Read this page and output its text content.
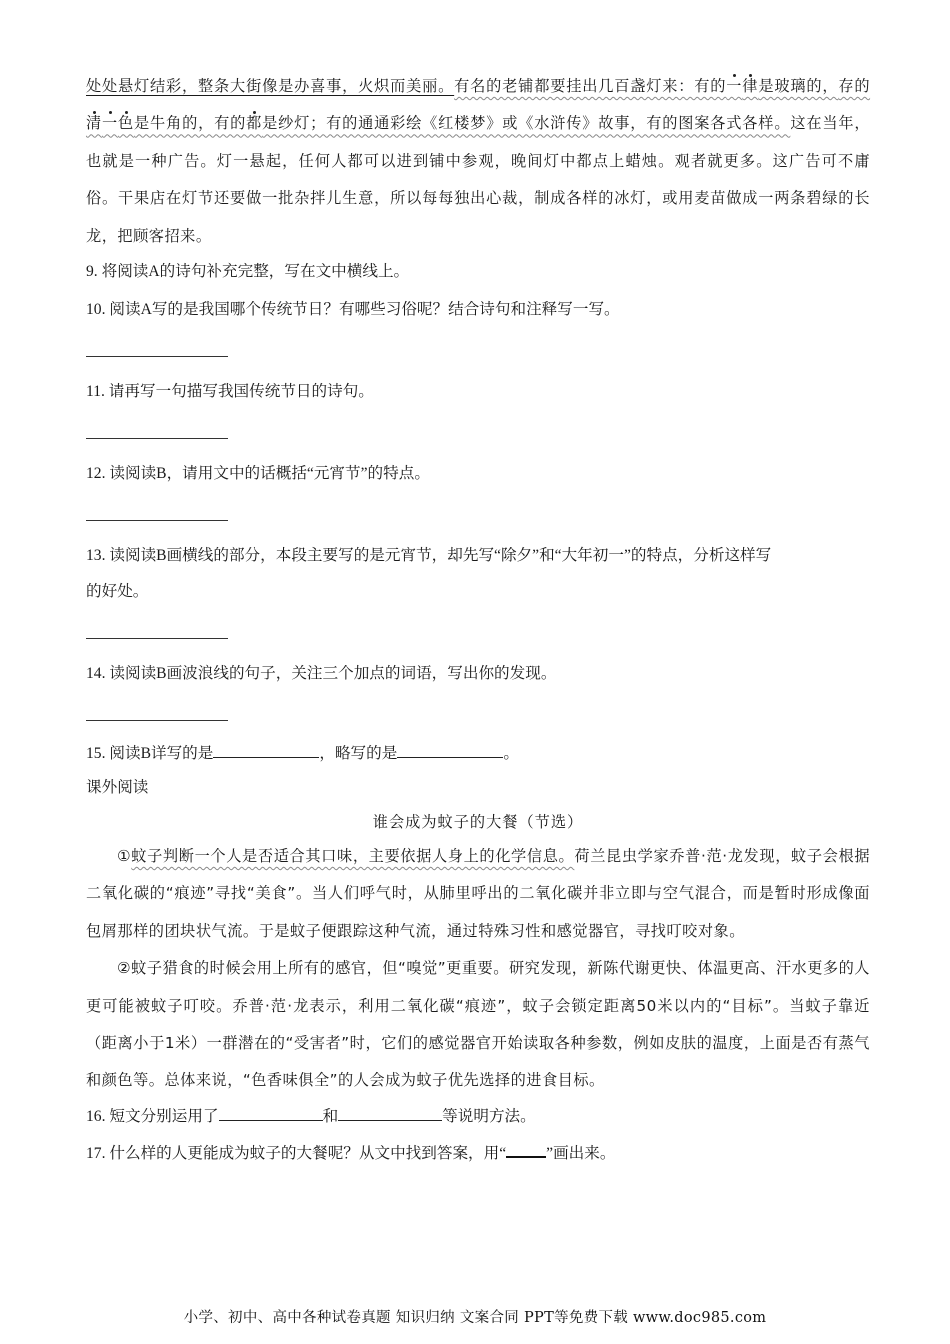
处处悬灯结彩，整条大街像是办喜事，火炽而美丽。有名的老铺都要挂出几百盏灯来：有的一律是玻璃的，存的清一色是牛角的，有的都是纱灯；有的通通彩绘《红楼梦》或《水浒传》故事，有的图案各式各样。这在当年，也就是一种广告。灯一悬起，任何人都可以进到铺中参观，晚间灯中都点上蜡烛。观者就更多。这广告可不庸俗。干果店在灯节还要做一批杂拌儿生意，所以每每独出心裁，制成各样的冰灯，或用麦苗做成一两条碧绿的长龙，把顾客招来。

9. 将阅读A的诗句补充完整，写在文中横线上。

10. 阅读A写的是我国哪个传统节日？有哪些习俗呢？结合诗句和注释写一写。

11. 请再写一句描写我国传统节日的诗句。

12. 读阅读B，请用文中的话概括“元宵节”的特点。

13. 读阅读B画横线的部分，本段主要写的是元宵节，却先写“除夕”和“大年初一”的特点，分析这样写

的好处。

14. 读阅读B画波浪线的句子，关注三个加点的词语，写出你的发现。

15. 阅读B详写的是	，略写的是	。

课外阅读

谁会成为蚊子的大餐（节选）
①蚊子判断一个人是否适合其口味，主要依据人身上的化学信息。荷兰昆虫学家乔普·范·龙发现，蚊子会根据二氧化碳的“痕迹”寻找“美食”。当人们呼气时，从肺里呼出的二氧化碳并非立即与空气混合，而是暂时形成像面包屑那样的团块状气流。于是蚊子便跟踪这种气流，通过特殊习性和感觉器官，寻找叮咬对象。
②蚊子猎食的时候会用上所有的感官，但“嗅觉”更重要。研究发现，新陈代谢更快、体温更高、汗水更多的人更可能被蚊子叮咬。乔普·范·龙表示，利用二氧化碳“痕迹”，蚊子会锁定距离50米以内的“目标”。当蚊子靠近（距离小于1米）一群潜在的“受害者”时，它们的感觉器官开始读取各种参数，例如皮肤的温度，上面是否有蒸气和颜色等。总体来说，“色香味俱全”的人会成为蚊子优先选择的进食目标。

16. 短文分别运用了	和	等说明方法。

17. 什么样的人更能成为蚊子的大餐呢？从文中找到答案，用“	”画出来。

小学、初中、高中各种试卷真题 知识归纳 文案合同 PPT等免费下载 www.doc985.com
